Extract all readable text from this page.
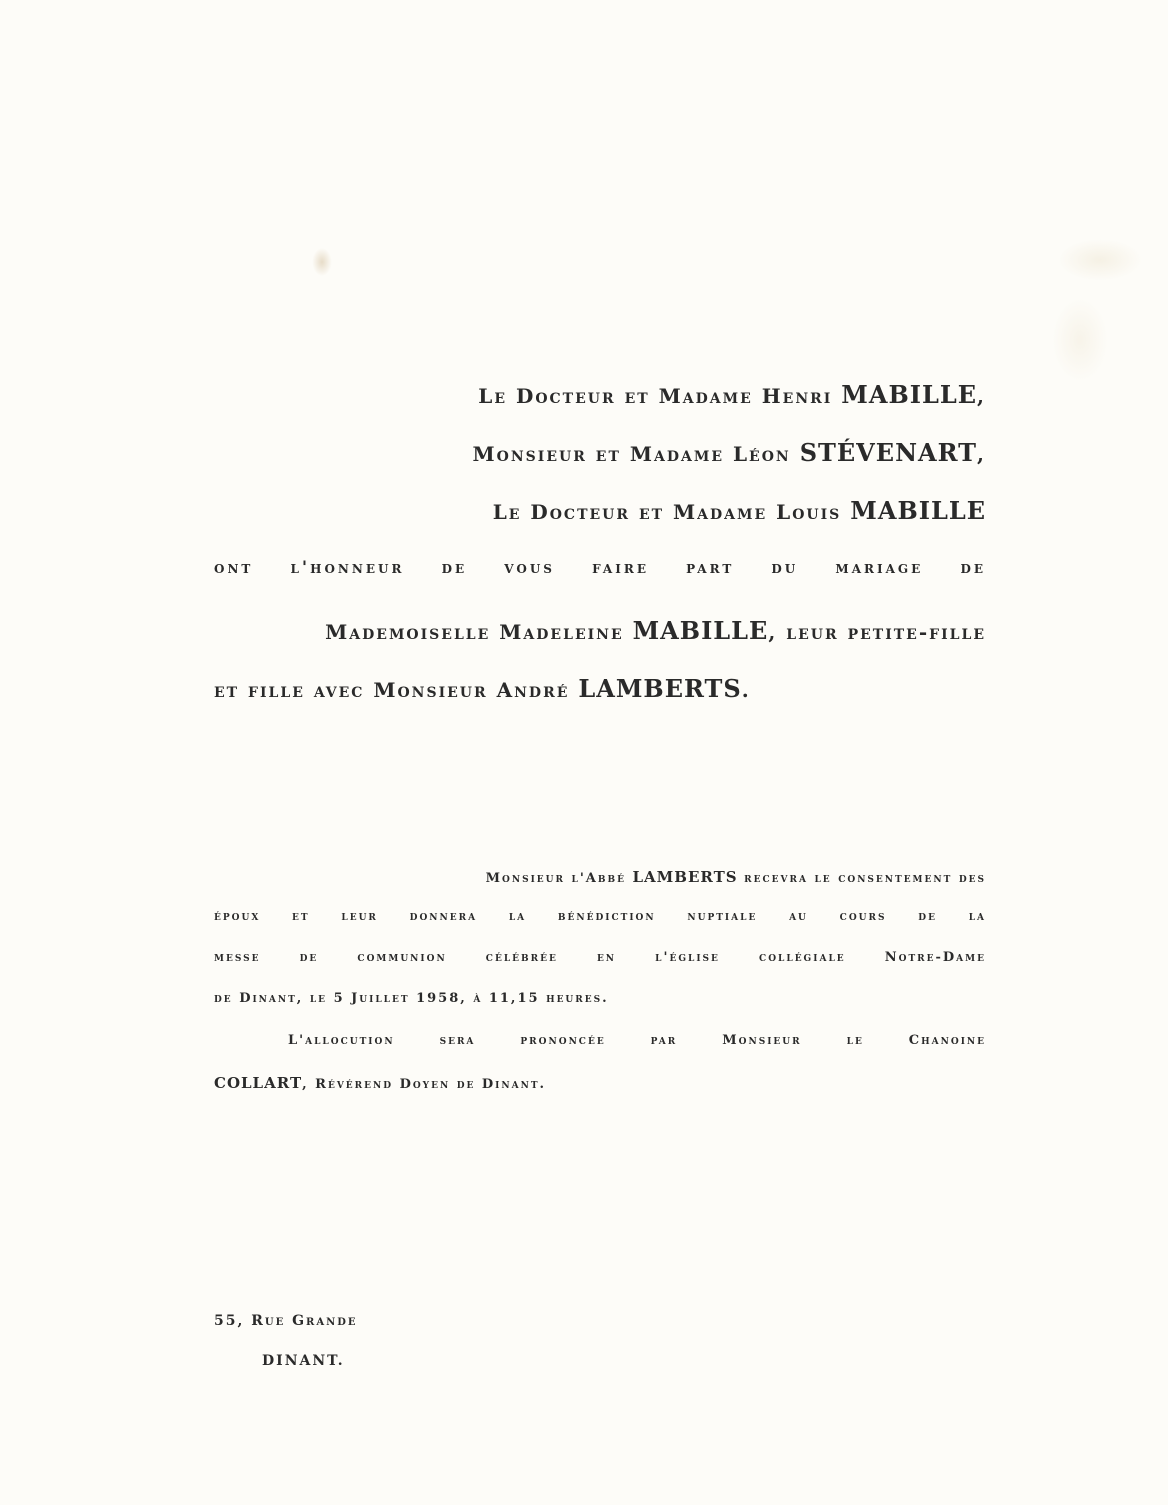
Le Docteur et Madame Henri MABILLE,
Monsieur et Madame Léon STÉVENART,
Le Docteur et Madame Louis MABILLE
ont l'honneur de vous faire part du mariage de
Mademoiselle Madeleine MABILLE, leur petite-fille
et fille avec Monsieur André LAMBERTS.
Monsieur l'Abbé LAMBERTS recevra le consentement des
époux et leur donnera la bénédiction nuptiale au cours de la
messe de communion célébrée en l'église collégiale Notre-Dame
de Dinant, le 5 Juillet 1958, à 11,15 heures.
L'allocution sera prononcée par Monsieur le Chanoine
COLLART, Révérend Doyen de Dinant.
55, Rue Grande
DINANT.
